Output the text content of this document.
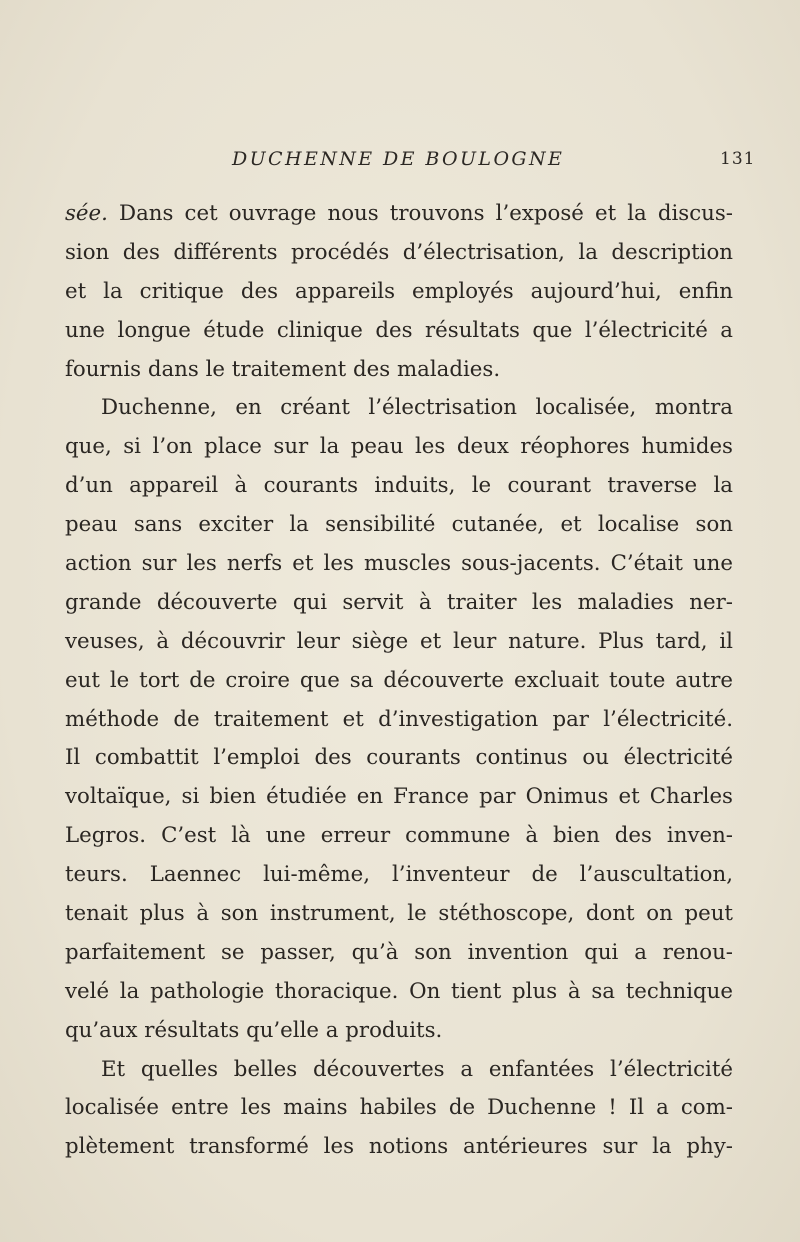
DUCHENNE DE BOULOGNE	131
sée. Dans cet ouvrage nous trouvons l’exposé et la discus-
sion des différents procédés d’électrisation, la description
et la critique des appareils employés aujourd’hui, enfin
une longue étude clinique des résultats que l’électricité a
fournis dans le traitement des maladies.
Duchenne, en créant l’électrisation localisée, montra
que, si l’on place sur la peau les deux réophores humides
d’un appareil à courants induits, le courant traverse la
peau sans exciter la sensibilité cutanée, et localise son
action sur les nerfs et les muscles sous-jacents. C’était une
grande découverte qui servit à traiter les maladies ner-
veuses, à découvrir leur siège et leur nature. Plus tard, il
eut le tort de croire que sa découverte excluait toute autre
méthode de traitement et d’investigation par l’électricité.
Il combattit l’emploi des courants continus ou électricité
voltaïque, si bien étudiée en France par Onimus et Charles
Legros. C’est là une erreur commune à bien des inven-
teurs. Laennec lui-même, l’inventeur de l’auscultation,
tenait plus à son instrument, le stéthoscope, dont on peut
parfaitement se passer, qu’à son invention qui a renou-
velé la pathologie thoracique. On tient plus à sa technique
qu’aux résultats qu’elle a produits.
Et quelles belles découvertes a enfantées l’électricité
localisée entre les mains habiles de Duchenne ! Il a com-
plètement transformé les notions antérieures sur la phy-
